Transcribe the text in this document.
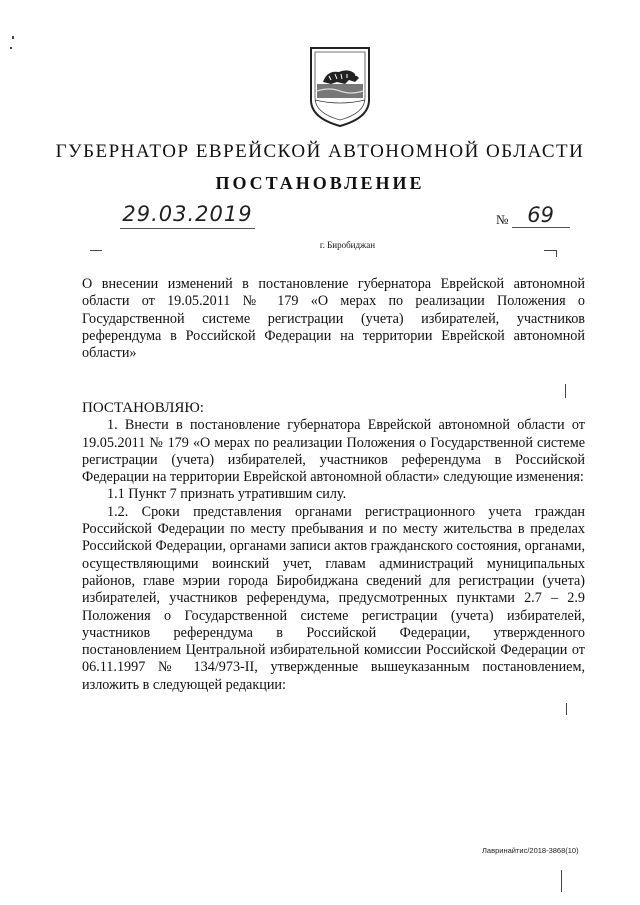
ГУБЕРНАТОР ЕВРЕЙСКОЙ АВТОНОМНОЙ ОБЛАСТИ
ПОСТАНОВЛЕНИЕ
29.03.2019	№ 69
г. Биробиджан
О внесении изменений в постановление губернатора Еврейской автономной области от 19.05.2011 № 179 «О мерах по реализации Положения о Государственной системе регистрации (учета) избирателей, участников референдума в Российской Федерации на территории Еврейской автономной области»
ПОСТАНОВЛЯЮ:

1. Внести в постановление губернатора Еврейской автономной области от 19.05.2011 № 179 «О мерах по реализации Положения о Государственной системе регистрации (учета) избирателей, участников референдума в Российской Федерации на территории Еврейской автономной области» следующие изменения:

1.1 Пункт 7 признать утратившим силу.

1.2. Сроки представления органами регистрационного учета граждан Российской Федерации по месту пребывания и по месту жительства в пределах Российской Федерации, органами записи актов гражданского состояния, органами, осуществляющими воинский учет, главам администраций муниципальных районов, главе мэрии города Биробиджана сведений для регистрации (учета) избирателей, участников референдума, предусмотренных пунктами 2.7 – 2.9 Положения о Государственной системе регистрации (учета) избирателей, участников референдума в Российской Федерации, утвержденного постановлением Центральной избирательной комиссии Российской Федерации от 06.11.1997 № 134/973-II, утвержденные вышеуказанным постановлением, изложить в следующей редакции:

Лавринайтис/2018-3868(10)
